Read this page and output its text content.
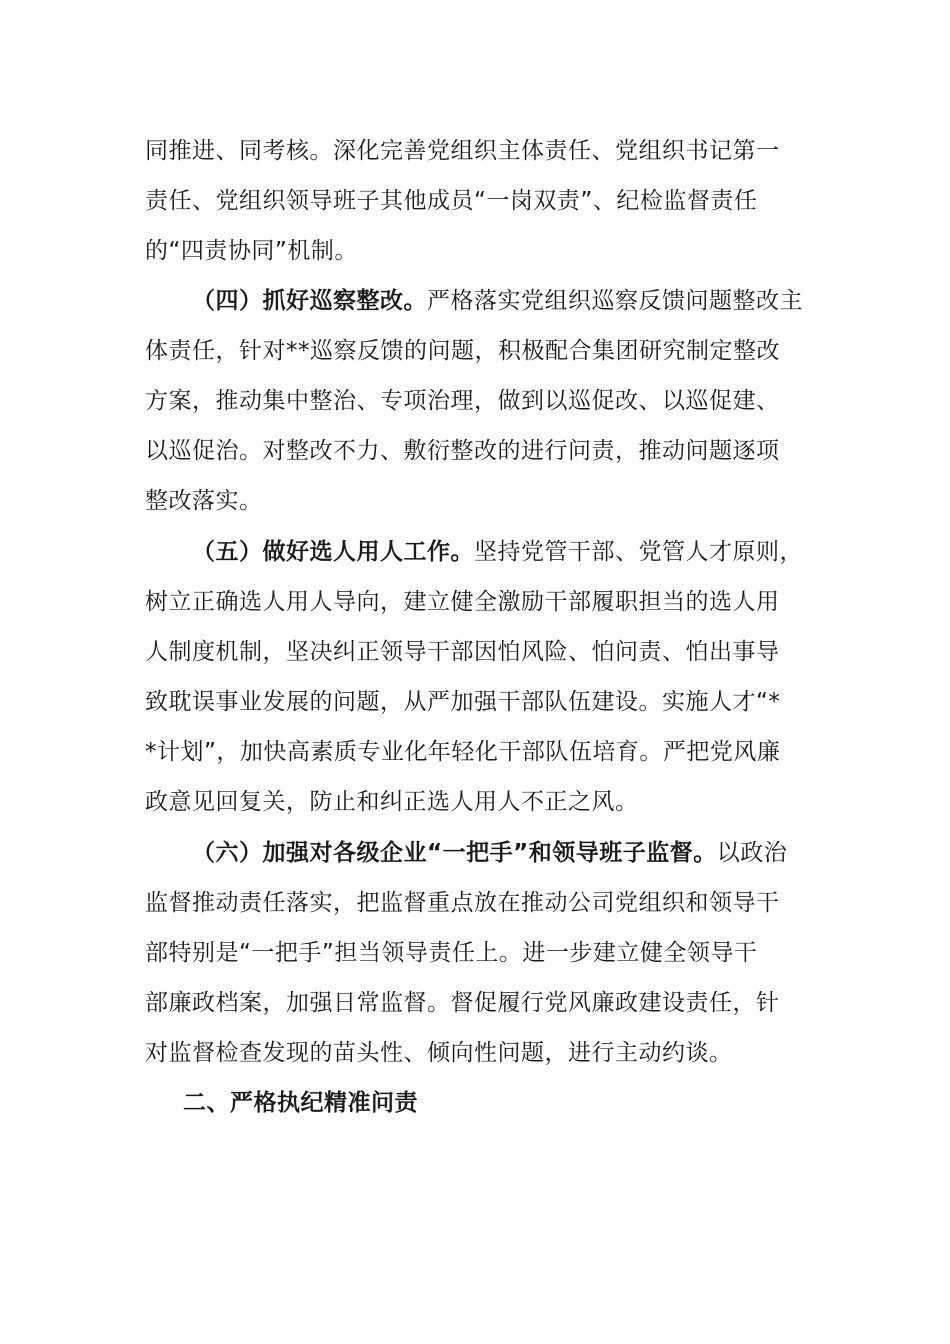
同推进、同考核。深化完善党组织主体责任、党组织书记第一
责任、党组织领导班子其他成员“一岗双责”、纪检监督责任
的“四责协同”机制。
（四）抓好巡察整改。严格落实党组织巡察反馈问题整改主
体责任，针对**巡察反馈的问题，积极配合集团研究制定整改
方案，推动集中整治、专项治理，做到以巡促改、以巡促建、
以巡促治。对整改不力、敷衍整改的进行问责，推动问题逐项
整改落实。
（五）做好选人用人工作。坚持党管干部、党管人才原则，
树立正确选人用人导向，建立健全激励干部履职担当的选人用
人制度机制，坚决纠正领导干部因怕风险、怕问责、怕出事导
致耽误事业发展的问题，从严加强干部队伍建设。实施人才“*
*计划”，加快高素质专业化年轻化干部队伍培育。严把党风廉
政意见回复关，防止和纠正选人用人不正之风。
（六）加强对各级企业“一把手”和领导班子监督。以政治
监督推动责任落实，把监督重点放在推动公司党组织和领导干
部特别是“一把手”担当领导责任上。进一步建立健全领导干
部廉政档案，加强日常监督。督促履行党风廉政建设责任，针
对监督检查发现的苗头性、倾向性问题，进行主动约谈。
二、严格执纪精准问责
